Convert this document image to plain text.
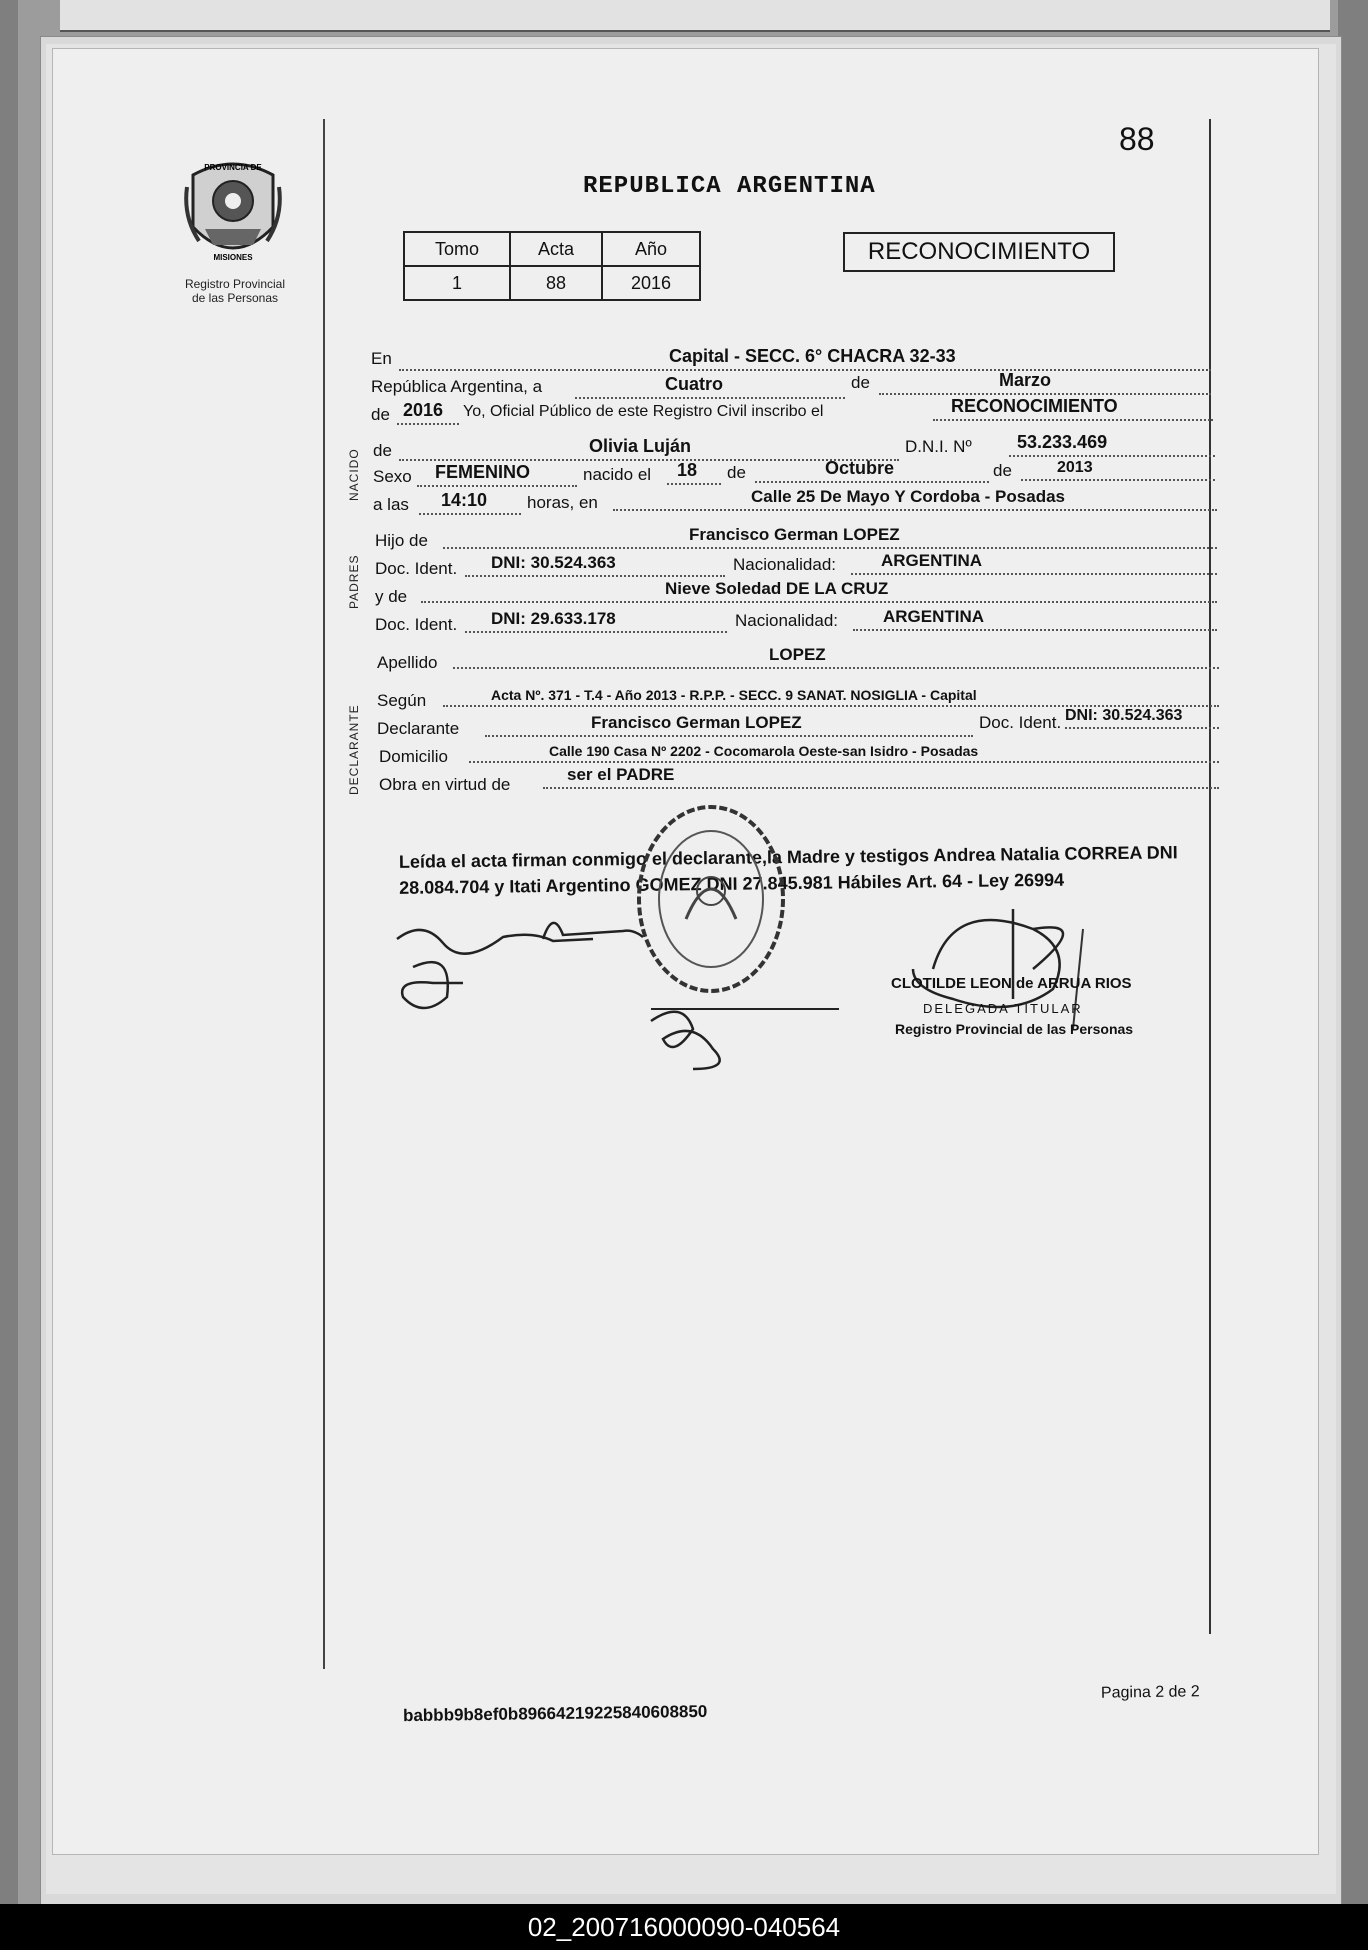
88
PROVINCIA DE
MISIONES
Registro Provincial
de las Personas
REPUBLICA ARGENTINA
Tomo	Acta	Año
1	88	2016
RECONOCIMIENTO
NACIDO
PADRES
DECLARANTE
En	Capital - SECC. 6° CHACRA 32-33
República Argentina, a	Cuatro	de	Marzo
de 2016 Yo, Oficial Público de este Registro Civil inscribo el	RECONOCIMIENTO
de	Olivia Luján	D.N.I. Nº	53.233.469
Sexo FEMENINO	nacido el 18 de	Octubre	de	2013
a las 14:10 horas, en	Calle 25 De Mayo Y Cordoba - Posadas
Hijo de	Francisco German LOPEZ
Doc. Ident. DNI: 30.524.363	Nacionalidad:	ARGENTINA
y de	Nieve Soledad DE LA CRUZ
Doc. Ident. DNI: 29.633.178	Nacionalidad:	ARGENTINA
Apellido	LOPEZ
Según	Acta Nº. 371 - T.4 - Año 2013 - R.P.P. - SECC. 9 SANAT. NOSIGLIA - Capital
Declarante	Francisco German LOPEZ	Doc. Ident. DNI: 30.524.363
Domicilio	Calle 190 Casa Nº 2202 - Cocomarola Oeste-san Isidro - Posadas
Obra en virtud de
ser el PADRE
Leída el acta firman conmigo el declarante,la Madre y testigos Andrea Natalia CORREA DNI 28.084.704 y Itati Argentino GOMEZ DNI 27.845.981 Hábiles Art. 64 - Ley 26994
CLOTILDE LEON de ARRUA RIOS
DELEGADA TITULAR
Registro Provincial de las Personas
babbb9b8ef0b89664219225840608850
Pagina 2 de 2
02_200716000090-040564
